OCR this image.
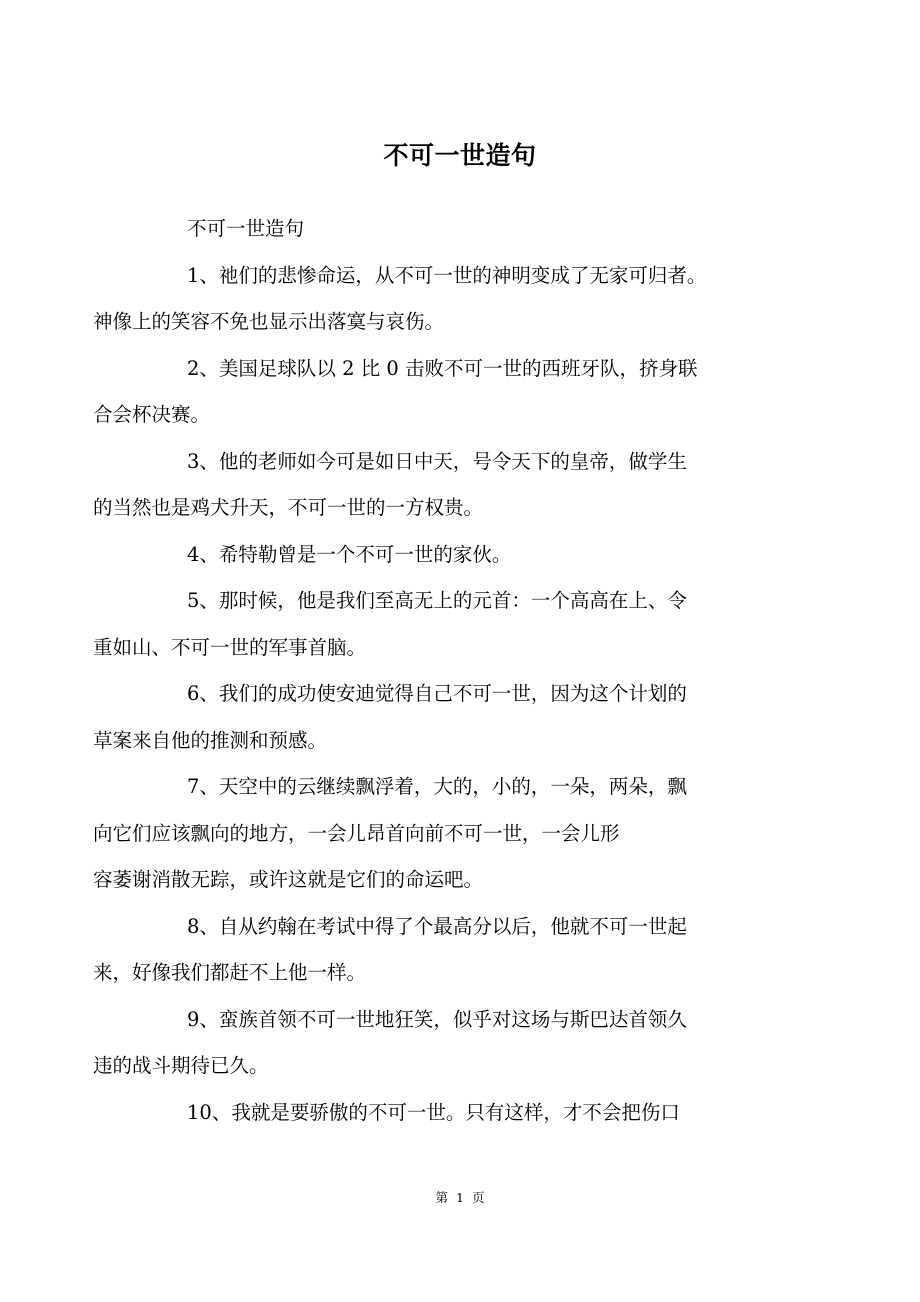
不可一世造句

不可一世造句

1、祂们的悲惨命运，从不可一世的神明变成了无家可归者。
神像上的笑容不免也显示出落寞与哀伤。

2、美国足球队以 2 比 0 击败不可一世的西班牙队，挤身联
合会杯决赛。

3、他的老师如今可是如日中天，号令天下的皇帝，做学生
的当然也是鸡犬升天，不可一世的一方权贵。

4、希特勒曾是一个不可一世的家伙。

5、那时候，他是我们至高无上的元首：一个高高在上、令
重如山、不可一世的军事首脑。

6、我们的成功使安迪觉得自己不可一世，因为这个计划的
草案来自他的推测和预感。

7、天空中的云继续飘浮着，大的，小的，一朵，两朵，飘
向它们应该飘向的地方，一会儿昂首向前不可一世，一会儿形
容萎谢消散无踪，或许这就是它们的命运吧。

8、自从约翰在考试中得了个最高分以后，他就不可一世起
来，好像我们都赶不上他一样。

9、蛮族首领不可一世地狂笑，似乎对这场与斯巴达首领久
违的战斗期待已久。

10、我就是要骄傲的不可一世。只有这样，才不会把伤口

第 1 页
